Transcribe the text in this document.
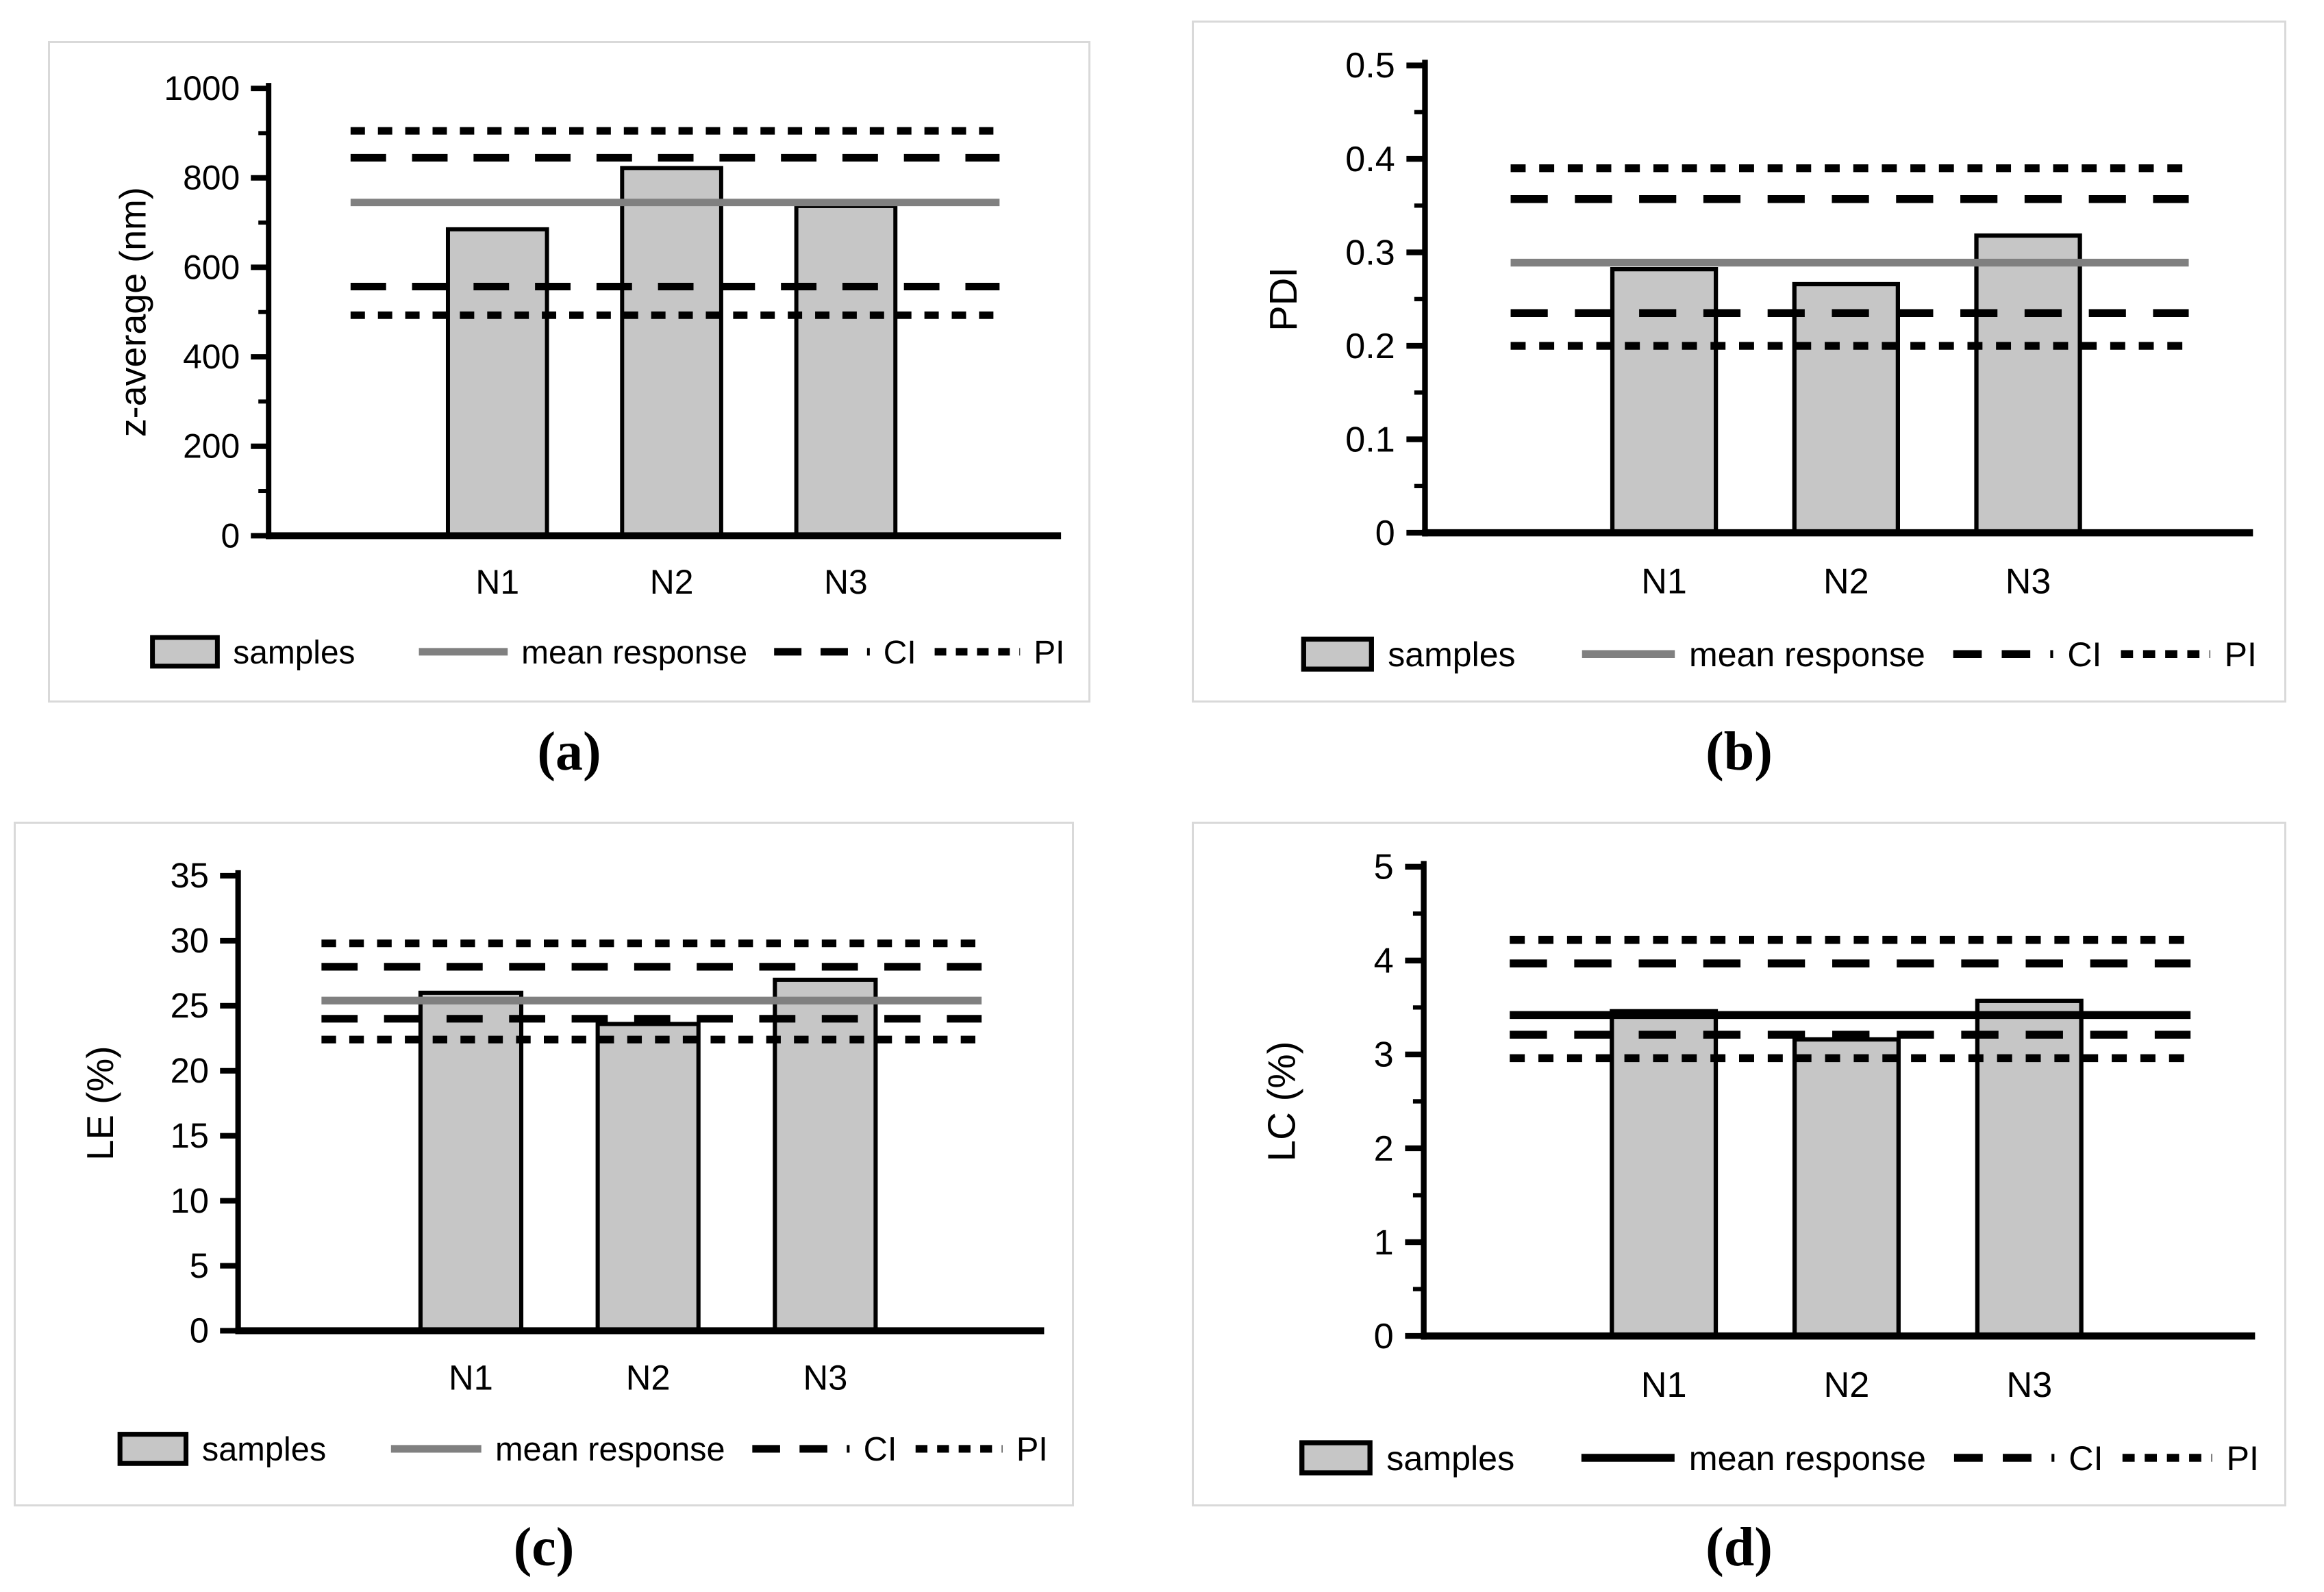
0
200
400
600
800
1000
N1	N2	N3
z-average (nm)
samples	mean response	CI	PI
0
0.1
0.2
0.3
0.4
0.5
N1	N2	N3
PDI
samples	mean response	CI	PI
0
5
10
15
20
25
30
35
N1	N2	N3
LE (%)
samples	mean response	CI	PI
0
1
2
3
4
5
N1	N2	N3
LC (%)
samples	mean response	CI	PI
(a)	(b)
(c)	(d)
